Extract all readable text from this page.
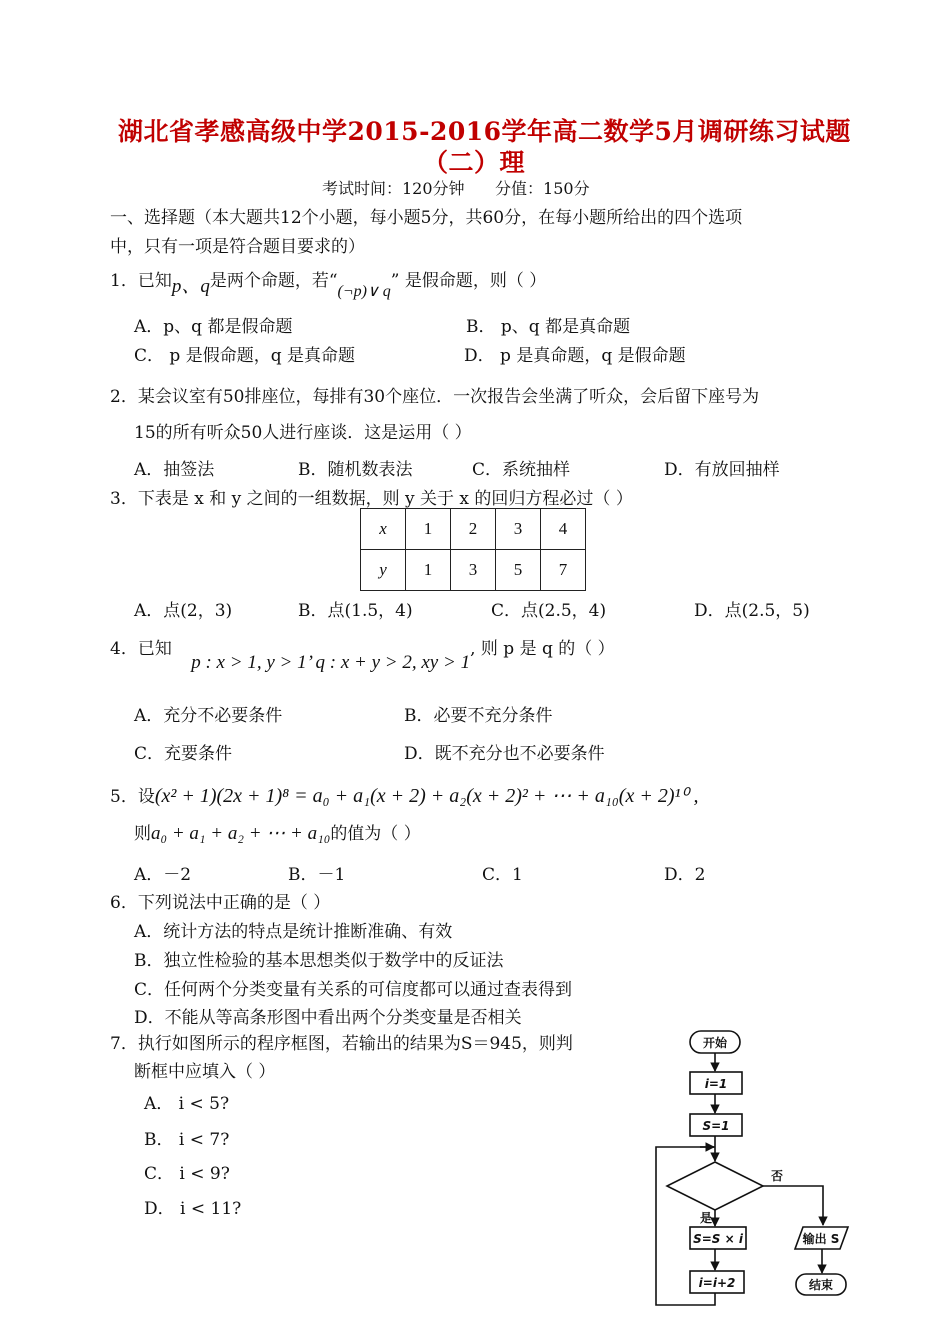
湖北省孝感高级中学2015-2016学年高二数学5月调研练习试题
（二）理
考试时间：120分钟      分值：150分
一、选择题（本大题共12个小题，每小题5分，共60分，在每小题所给出的四个选项
中，只有一项是符合题目要求的）
1．已知p、q是两个命题，若“(¬p)∨ q” 是假命题，则（ ）
A．p、q 都是假命题	B． p、q 都是真命题
C． p 是假命题，q 是真命题	D． p 是真命题，q 是假命题
2．某会议室有50排座位，每排有30个座位．一次报告会坐满了听众，会后留下座号为
15的所有听众50人进行座谈．这是运用（ ）
A．抽签法	B．随机数表法	C．系统抽样	D．有放回抽样
3．下表是 x 和 y 之间的一组数据，则 y 关于 x 的回归方程必过（ ）
x	1	2	3	4
y	1	3	5	7
A．点(2，3)	B．点(1.5，4)	C．点(2.5，4)	D．点(2.5，5)
4．已知 p : x > 1, y > 1’ q : x + y > 2, xy > 1, 则 p 是 q 的（ ）
A．充分不必要条件	B．必要不充分条件
C．充要条件	D．既不充分也不必要条件
5．设(x² + 1)(2x + 1)⁸ = a₀ + a₁(x + 2) + a₂(x + 2)² + ⋯ + a₁₀(x + 2)¹⁰ ,
则a₀ + a₁ + a₂ + ⋯ + a₁₀的值为（ ）
A．－2	B．－1	C．1	D．2
6．下列说法中正确的是（ ）
A．统计方法的特点是统计推断准确、有效
B．独立性检验的基本思想类似于数学中的反证法
C．任何两个分类变量有关系的可信度都可以通过查表得到
D．不能从等高条形图中看出两个分类变量是否相关
7．执行如图所示的程序框图，若输出的结果为S＝945，则判
断框中应填入（ ）
A． i < 5?
B． i < 7?
C． i < 9?
D． i < 11?
开始
i=1
S=1
否
是
S=S × i
i=i+2
输出 S
结束
